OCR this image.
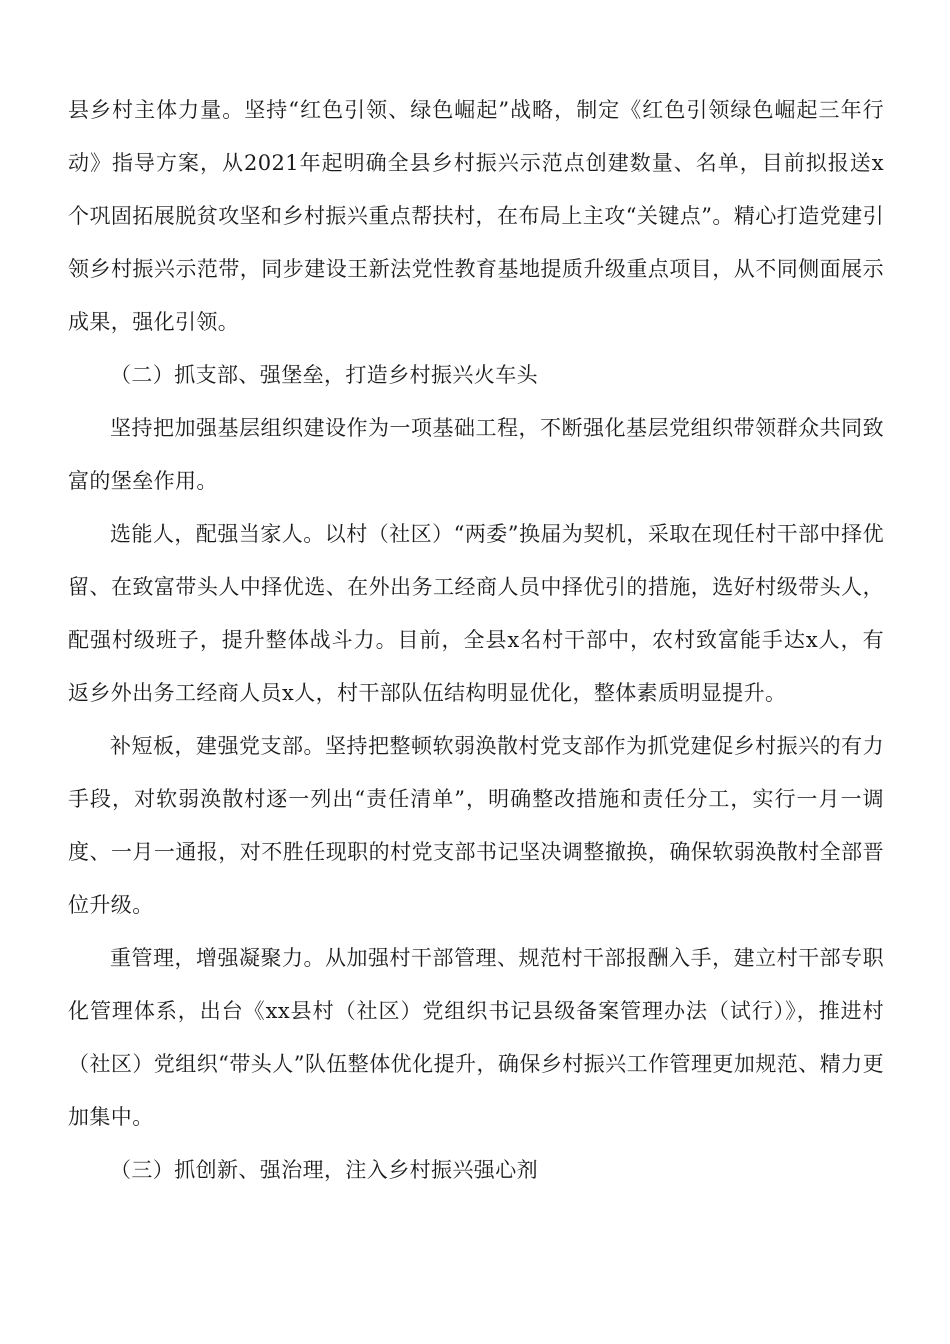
县乡村主体力量。坚持“红色引领、绿色崛起”战略，制定《红色引领绿色崛起三年行动》指导方案，从2021年起明确全县乡村振兴示范点创建数量、名单，目前拟报送x个巩固拓展脱贫攻坚和乡村振兴重点帮扶村，在布局上主攻“关键点”。精心打造党建引领乡村振兴示范带，同步建设王新法党性教育基地提质升级重点项目，从不同侧面展示成果，强化引领。

（二）抓支部、强堡垒，打造乡村振兴火车头

坚持把加强基层组织建设作为一项基础工程，不断强化基层党组织带领群众共同致富的堡垒作用。

选能人，配强当家人。以村（社区）“两委”换届为契机，采取在现任村干部中择优留、在致富带头人中择优选、在外出务工经商人员中择优引的措施，选好村级带头人，配强村级班子，提升整体战斗力。目前，全县x名村干部中，农村致富能手达x人，有返乡外出务工经商人员x人，村干部队伍结构明显优化，整体素质明显提升。

补短板，建强党支部。坚持把整顿软弱涣散村党支部作为抓党建促乡村振兴的有力手段，对软弱涣散村逐一列出“责任清单”，明确整改措施和责任分工，实行一月一调度、一月一通报，对不胜任现职的村党支部书记坚决调整撤换，确保软弱涣散村全部晋位升级。

重管理，增强凝聚力。从加强村干部管理、规范村干部报酬入手，建立村干部专职化管理体系，出台《xx县村（社区）党组织书记县级备案管理办法（试行）》，推进村（社区）党组织“带头人”队伍整体优化提升，确保乡村振兴工作管理更加规范、精力更加集中。

（三）抓创新、强治理，注入乡村振兴强心剂
